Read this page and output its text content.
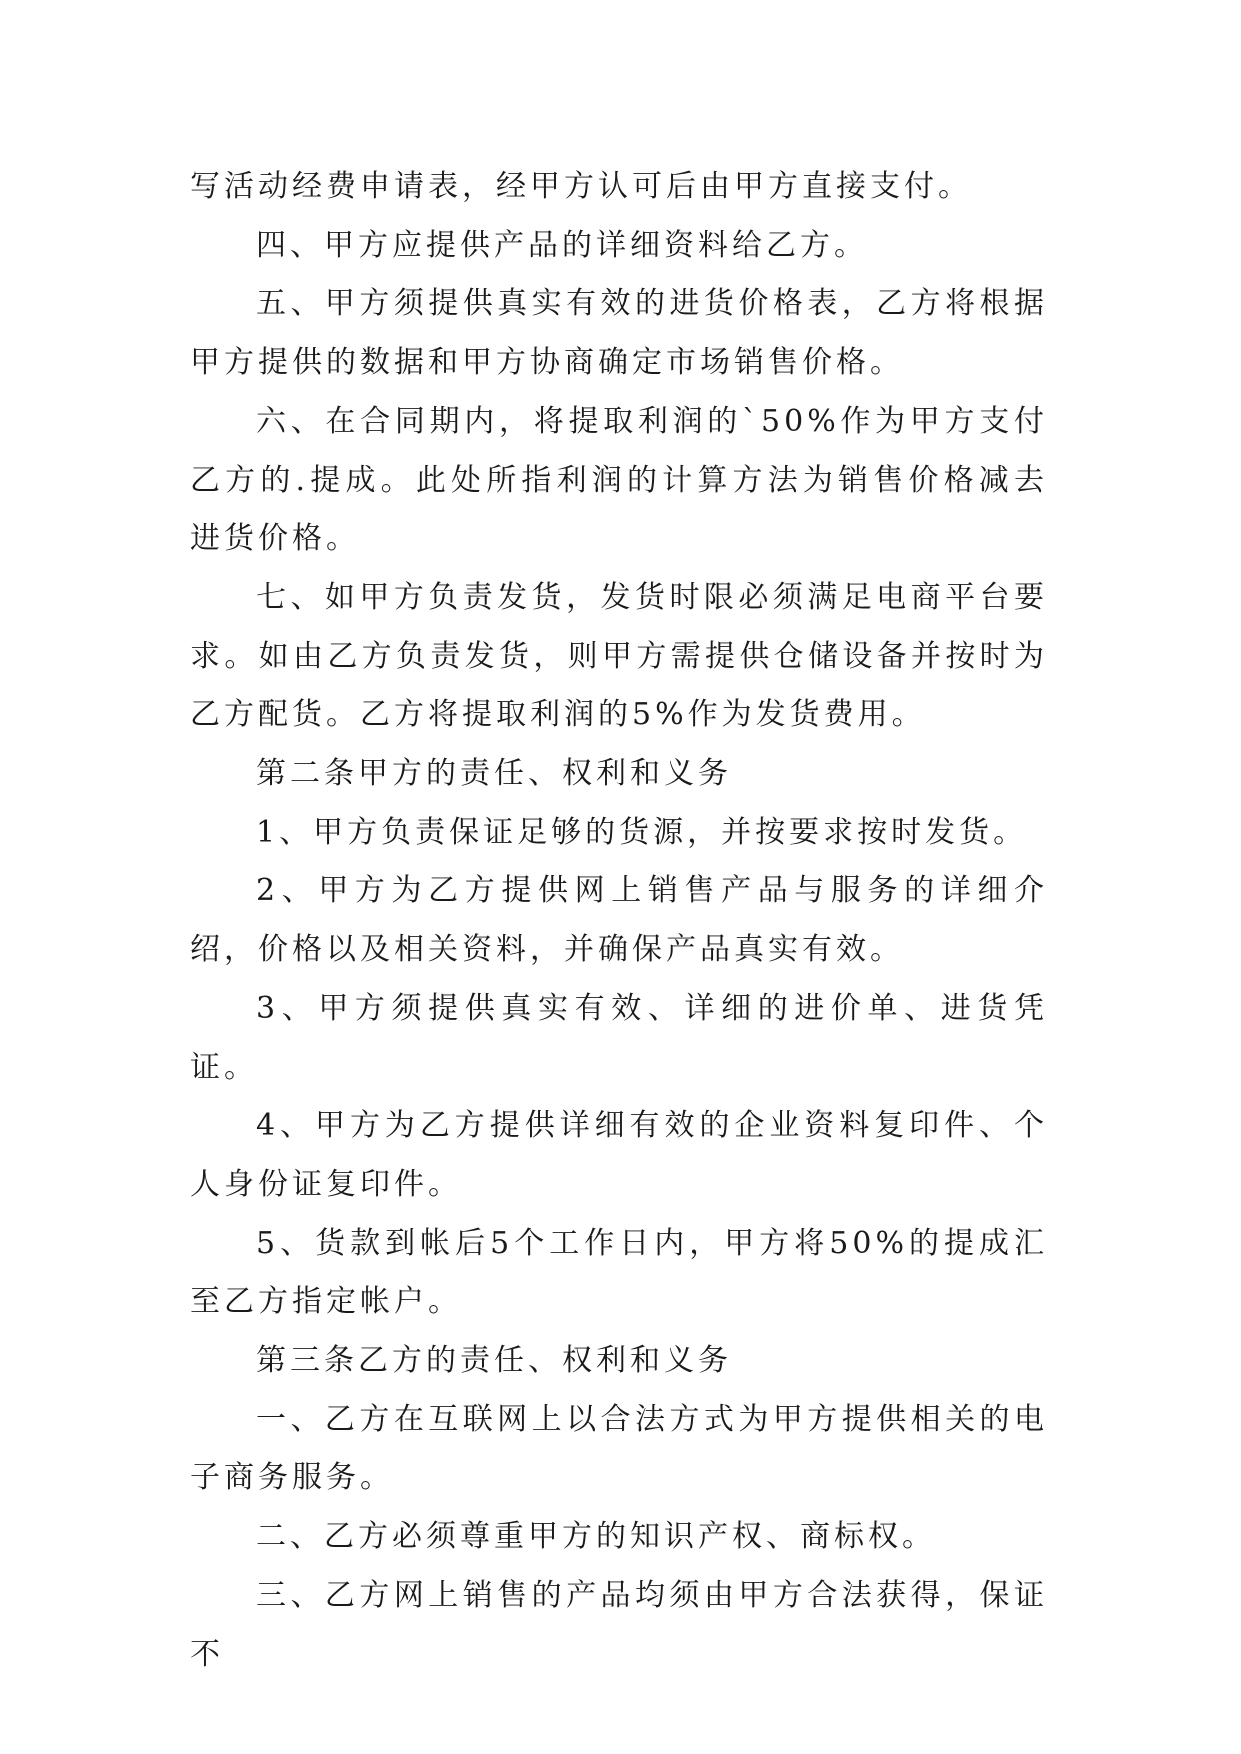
写活动经费申请表，经甲方认可后由甲方直接支付。

四、甲方应提供产品的详细资料给乙方。

五、甲方须提供真实有效的进货价格表，乙方将根据甲方提供的数据和甲方协商确定市场销售价格。

六、在合同期内，将提取利润的`50%作为甲方支付乙方的.提成。此处所指利润的计算方法为销售价格减去进货价格。

七、如甲方负责发货，发货时限必须满足电商平台要求。如由乙方负责发货，则甲方需提供仓储设备并按时为乙方配货。乙方将提取利润的5%作为发货费用。

第二条甲方的责任、权利和义务

1、甲方负责保证足够的货源，并按要求按时发货。

2、甲方为乙方提供网上销售产品与服务的详细介绍，价格以及相关资料，并确保产品真实有效。

3、甲方须提供真实有效、详细的进价单、进货凭证。

4、甲方为乙方提供详细有效的企业资料复印件、个人身份证复印件。

5、货款到帐后5个工作日内，甲方将50%的提成汇至乙方指定帐户。

第三条乙方的责任、权利和义务

一、乙方在互联网上以合法方式为甲方提供相关的电子商务服务。

二、乙方必须尊重甲方的知识产权、商标权。

三、乙方网上销售的产品均须由甲方合法获得，保证不
